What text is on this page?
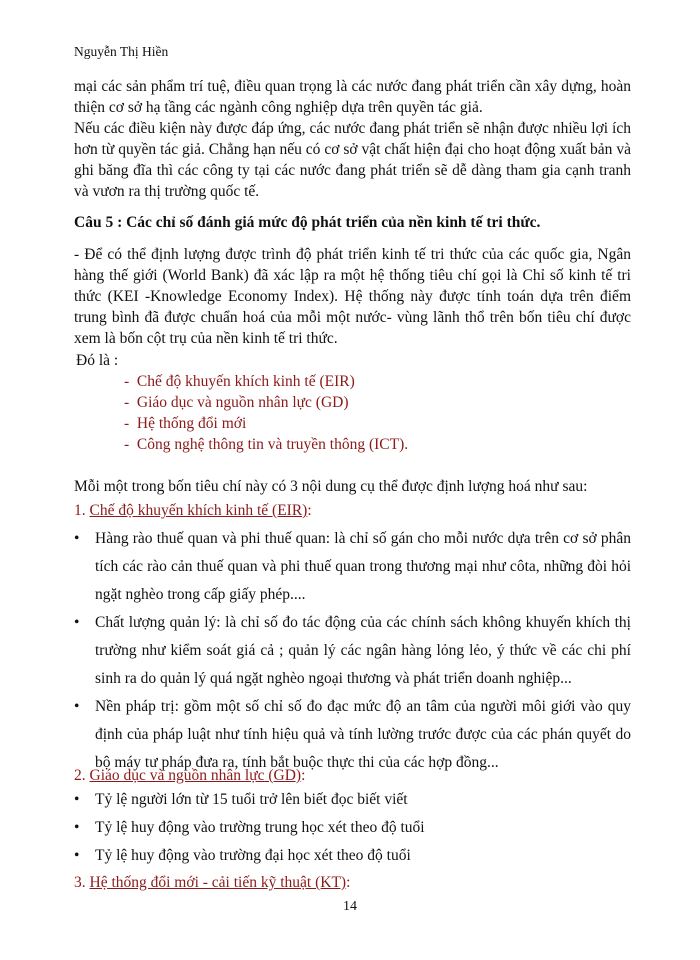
Nguyễn Thị Hiền

mại các sản phẩm trí tuệ, điều quan trọng là các nước đang phát triển cần xây dựng, hoàn thiện cơ sở hạ tầng các ngành công nghiệp dựa trên quyền tác giả.

Nếu các điều kiện này được đáp ứng, các nước đang phát triển sẽ nhận được nhiều lợi ích hơn từ quyền tác giả. Chẳng hạn nếu có cơ sở vật chất hiện đại cho hoạt động xuất bản và ghi băng đĩa thì các công ty tại các nước đang phát triển sẽ dễ dàng tham gia cạnh tranh và vươn ra thị trường quốc tế.

Câu 5 : Các chỉ số đánh giá mức độ phát triển của nền kinh tế tri thức.

- Để có thể định lượng được trình độ phát triển kinh tế tri thức của các quốc gia, Ngân hàng thế giới (World Bank) đã xác lập ra một hệ thống tiêu chí gọi là Chỉ số kinh tế tri thức (KEI -Knowledge Economy Index). Hệ thống này được tính toán dựa trên điểm trung bình đã được chuẩn hoá của mỗi một nước- vùng lãnh thổ trên bốn tiêu chí được xem là bốn cột trụ của nền kinh tế tri thức.

Đó là :
-  Chế độ khuyến khích kinh tế (EIR)
-  Giáo dục và nguồn nhân lực (GD)
-  Hệ thống đổi mới
-  Công nghệ thông tin và truyền thông (ICT).

Mỗi một trong bốn tiêu chí này có 3 nội dung cụ thể được định lượng hoá như sau:

1. Chế độ khuyến khích kinh tế (EIR):
• Hàng rào thuế quan và phi thuế quan: là chỉ số gán cho mỗi nước dựa trên cơ sở phân tích các rào cản thuế quan và phi thuế quan trong thương mại như côta, những đòi hỏi ngặt nghèo trong cấp giấy phép....
• Chất lượng quản lý: là chỉ số đo tác động của các chính sách không khuyến khích thị trường như kiểm soát giá cả ; quản lý các ngân hàng lỏng lẻo, ý thức về các chi phí sinh ra do quản lý quá ngặt nghèo ngoại thương và phát triển doanh nghiệp...
• Nền pháp trị: gồm một số chỉ số đo đạc mức độ an tâm của người môi giới vào quy định của pháp luật như tính hiệu quả và tính lường trước được của các phán quyết do bộ máy tư pháp đưa ra, tính bắt buộc thực thi của các hợp đồng...
2. Giáo dục và nguồn nhân lực (GD):
• Tỷ lệ người lớn từ 15 tuổi trở lên biết đọc biết viết
• Tỷ lệ huy động vào trường trung học xét theo độ tuổi
• Tỷ lệ huy động vào trường đại học xét theo độ tuổi
3. Hệ thống đổi mới - cải tiến kỹ thuật (KT):
14
